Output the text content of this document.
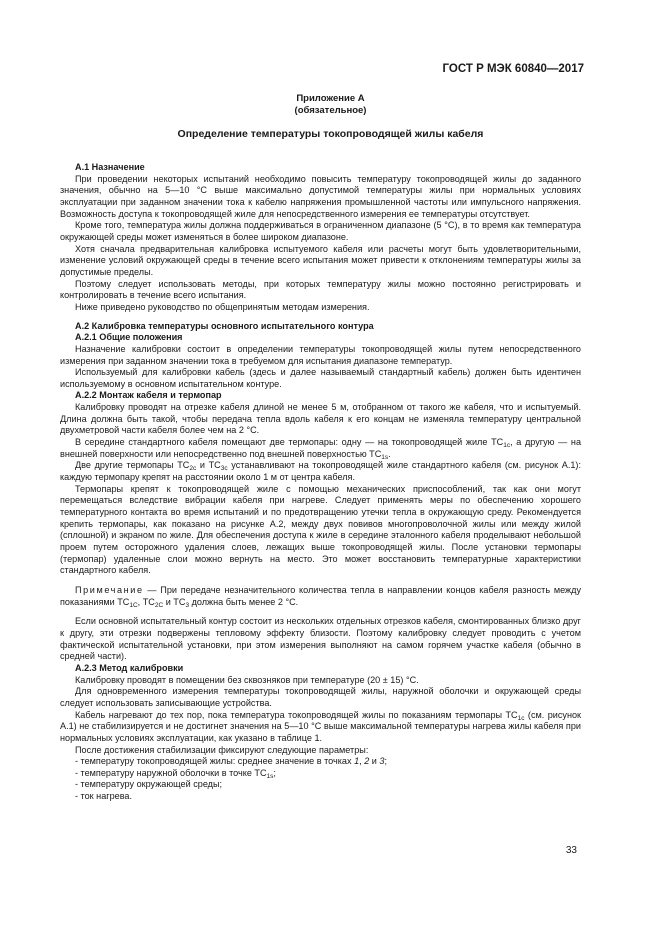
ГОСТ Р МЭК 60840—2017
Приложение А
(обязательное)
Определение температуры токопроводящей жилы кабеля
А.1 Назначение

При проведении некоторых испытаний необходимо повысить температуру токопроводящей жилы до заданного значения, обычно на 5—10 °С выше максимально допустимой температуры жилы при нормальных условиях эксплуатации при заданном значении тока к кабелю напряжения промышленной частоты или импульсного напряжения. Возможность доступа к токопроводящей жиле для непосредственного измерения ее температуры отсутствует.

Кроме того, температура жилы должна поддерживаться в ограниченном диапазоне (5 °С), в то время как температура окружающей среды может изменяться в более широком диапазоне.

Хотя сначала предварительная калибровка испытуемого кабеля или расчеты могут быть удовлетворительными, изменение условий окружающей среды в течение всего испытания может привести к отклонениям температуры жилы за допустимые пределы.

Поэтому следует использовать методы, при которых температуру жилы можно постоянно регистрировать и контролировать в течение всего испытания.

Ниже приведено руководство по общепринятым методам измерения.

А.2 Калибровка температуры основного испытательного контура
А.2.1 Общие положения

Назначение калибровки состоит в определении температуры токопроводящей жилы путем непосредственного измерения при заданном значении тока в требуемом для испытания диапазоне температур.

Используемый для калибровки кабель (здесь и далее называемый стандартный кабель) должен быть идентичен используемому в основном испытательном контуре.

А.2.2 Монтаж кабеля и термопар

Калибровку проводят на отрезке кабеля длиной не менее 5 м, отобранном от такого же кабеля, что и испытуемый. Длина должна быть такой, чтобы передача тепла вдоль кабеля к его концам не изменяла температуру центральной двухметровой части кабеля более чем на 2 °С.

В середине стандартного кабеля помещают две термопары: одну — на токопроводящей жиле $ТС_{1c}$, а другую — на внешней поверхности или непосредственно под внешней поверхностью $ТС_{1s}$.

Две другие термопары $ТС_{2c}$ и $ТС_{3c}$ устанавливают на токопроводящей жиле стандартного кабеля (см. рисунок А.1): каждую термопару крепят на расстоянии около 1 м от центра кабеля.

Термопары крепят к токопроводящей жиле с помощью механических приспособлений, так как они могут перемещаться вследствие вибрации кабеля при нагреве. Следует применять меры по обеспечению хорошего температурного контакта во время испытаний и по предотвращению утечки тепла в окружающую среду. Рекомендуется крепить термопары, как показано на рисунке А.2, между двух повивов многопроволочной жилы или между жилой (сплошной) и экраном по жиле. Для обеспечения доступа к жиле в середине эталонного кабеля проделывают небольшой проем путем осторожного удаления слоев, лежащих выше токопроводящей жилы. После установки термопары (термопар) удаленные слои можно вернуть на место. Это может восстановить температурные характеристики стандартного кабеля.

Примечание — При передаче незначительного количества тепла в направлении концов кабеля разность между показаниями $ТС_{1С}$, $ТС_{2С}$ и $ТС_3$ должна быть менее 2 °С.

Если основной испытательный контур состоит из нескольких отдельных отрезков кабеля, смонтированных близко друг к другу, эти отрезки подвержены тепловому эффекту близости. Поэтому калибровку следует проводить с учетом фактической испытательной установки, при этом измерения выполняют на самом горячем участке кабеля (обычно в средней части).

А.2.3 Метод калибровки

Калибровку проводят в помещении без сквозняков при температуре (20 ± 15) °С.

Для одновременного измерения температуры токопроводящей жилы, наружной оболочки и окружающей среды следует использовать записывающие устройства.

Кабель нагревают до тех пор, пока температура токопроводящей жилы по показаниям термопары $ТС_{1c}$ (см. рисунок А.1) не стабилизируется и не достигнет значения на 5—10 °С выше максимальной температуры нагрева жилы кабеля при нормальных условиях эксплуатации, как указано в таблице 1.

После достижения стабилизации фиксируют следующие параметры:

- температуру токопроводящей жилы: среднее значение в точках 1, 2 и 3;
- температуру наружной оболочки в точке $ТС_{1s}$;
- температуру окружающей среды;
- ток нагрева.
33
